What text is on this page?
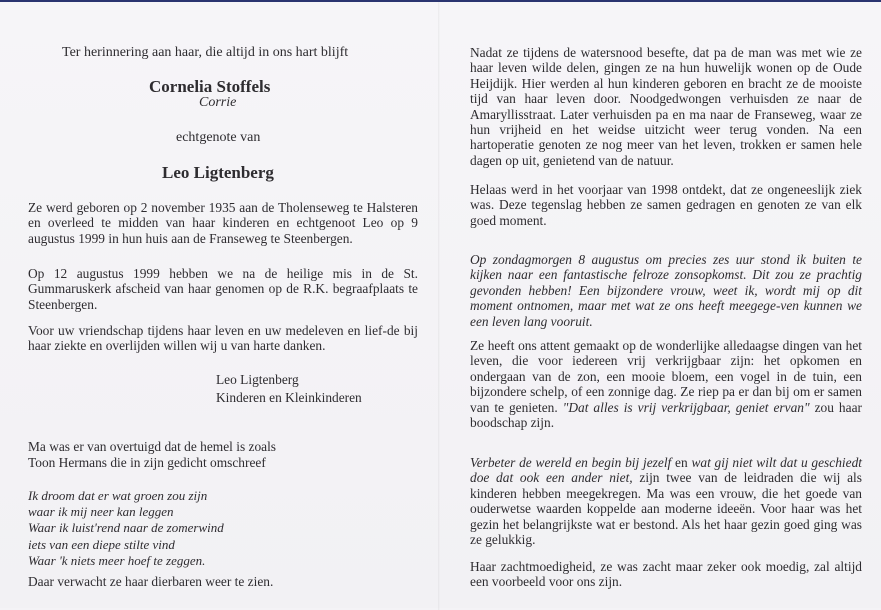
Ter herinnering aan haar, die altijd in ons hart blijft

Cornelia Stoffels

Corrie

echtgenote van

Leo Ligtenberg

Ze werd geboren op 2 november 1935 aan de Tholenseweg te Halsteren en overleed te midden van haar kinderen en echtgenoot Leo op 9 augustus 1999 in hun huis aan de Franseweg te Steenbergen.

Op 12 augustus 1999 hebben we na de heilige mis in de St. Gummaruskerk afscheid van haar genomen op de R.K. begraafplaats te Steenbergen.

Voor uw vriendschap tijdens haar leven en uw medeleven en lief-de bij haar ziekte en overlijden willen wij u van harte danken.

Leo Ligtenberg

Kinderen en Kleinkinderen

Ma was er van overtuigd dat de hemel is zoals

Toon Hermans die in zijn gedicht omschreef

Ik droom dat er wat groen zou zijn
waar ik mij neer kan leggen
Waar ik luist'rend naar de zomerwind
iets van een diepe stilte vind
Waar 'k niets meer hoef te zeggen.

Daar verwacht ze haar dierbaren weer te zien.

Nadat ze tijdens de watersnood besefte, dat pa de man was met wie ze haar leven wilde delen, gingen ze na hun huwelijk wonen op de Oude Heijdijk. Hier werden al hun kinderen geboren en bracht ze de mooiste tijd van haar leven door. Noodgedwongen verhuisden ze naar de Amaryllisstraat. Later verhuisden pa en ma naar de Franseweg, waar ze hun vrijheid en het weidse uitzicht weer terug vonden. Na een hartoperatie genoten ze nog meer van het leven, trokken er samen hele dagen op uit, genietend van de natuur.

Helaas werd in het voorjaar van 1998 ontdekt, dat ze ongeneeslijk ziek was. Deze tegenslag hebben ze samen gedragen en genoten ze van elk goed moment.

Op zondagmorgen 8 augustus om precies zes uur stond ik buiten te kijken naar een fantastische felroze zonsopkomst. Dit zou ze prachtig gevonden hebben! Een bijzondere vrouw, weet ik, wordt mij op dit moment ontnomen, maar met wat ze ons heeft meegege-ven kunnen we een leven lang vooruit.

Ze heeft ons attent gemaakt op de wonderlijke alledaagse dingen van het leven, die voor iedereen vrij verkrijgbaar zijn: het opkomen en ondergaan van de zon, een mooie bloem, een vogel in de tuin, een bijzondere schelp, of een zonnige dag. Ze riep pa er dan bij om er samen van te genieten. "Dat alles is vrij verkrijgbaar, geniet ervan" zou haar boodschap zijn.

Verbeter de wereld en begin bij jezelf en wat gij niet wilt dat u geschiedt doe dat ook een ander niet, zijn twee van de leidraden die wij als kinderen hebben meegekregen. Ma was een vrouw, die het goede van ouderwetse waarden koppelde aan moderne ideeën. Voor haar was het gezin het belangrijkste wat er bestond. Als het haar gezin goed ging was ze gelukkig.

Haar zachtmoedigheid, ze was zacht maar zeker ook moedig, zal altijd een voorbeeld voor ons zijn.
